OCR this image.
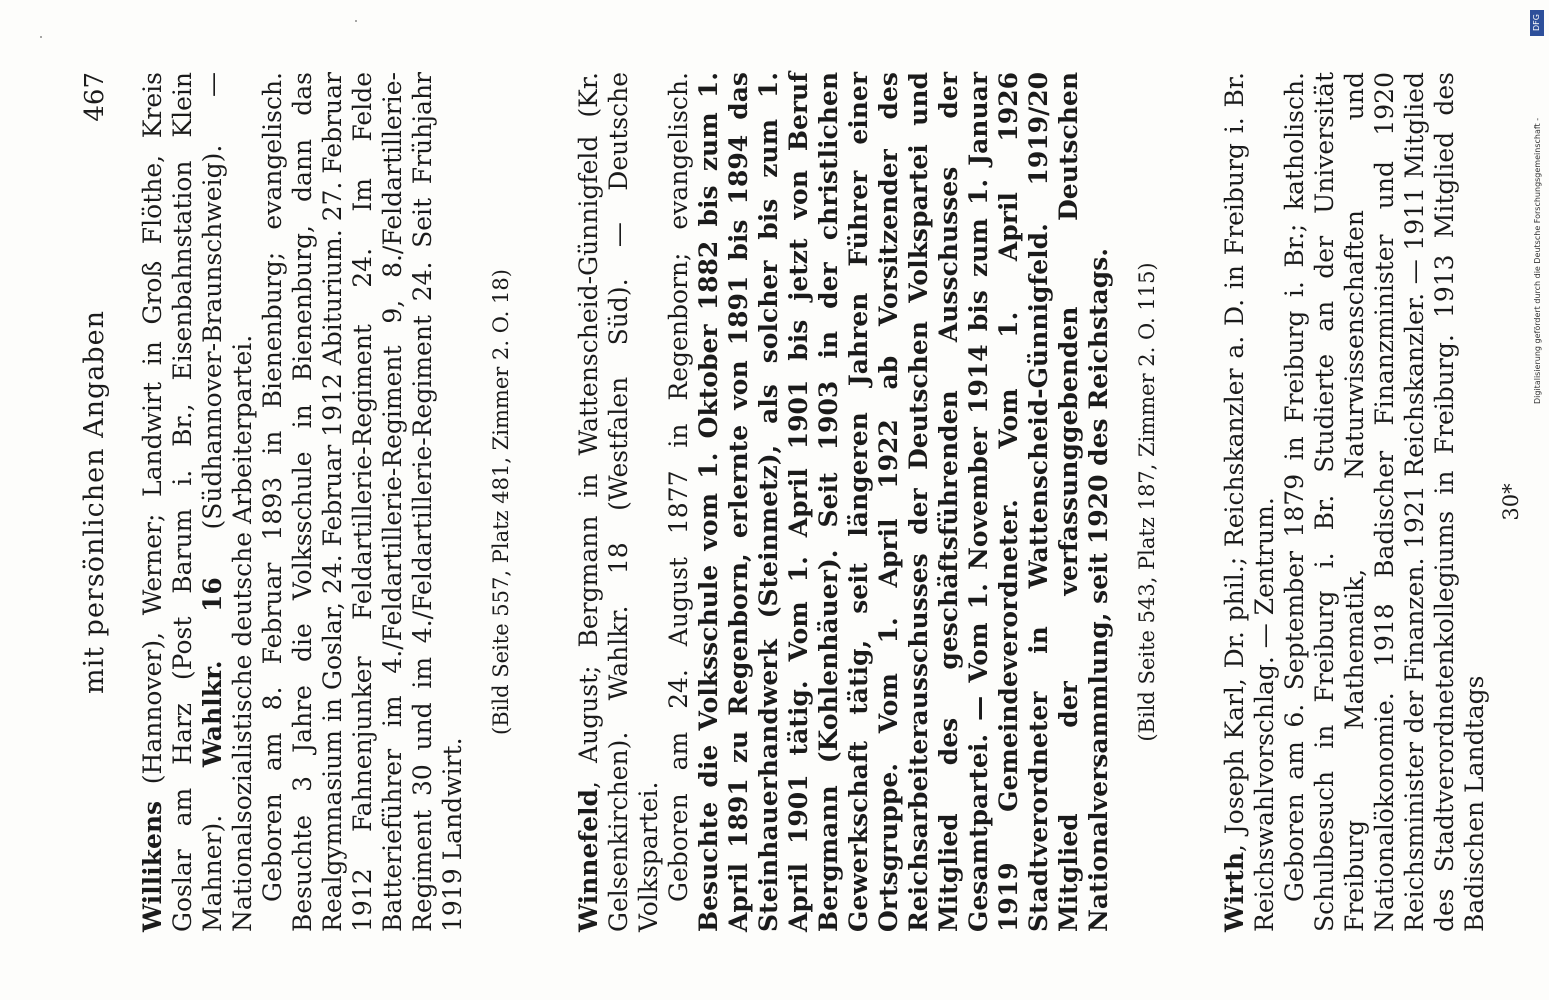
mit persönlichen Angaben
467

Willikens (Hannover), Werner; Landwirt in Groß Flöthe, Kreis Goslar am Harz (Post Barum i. Br., Eisenbahnstation Klein Mahner). Wahlkr. 16 (Südhannover-Braunschweig). — Nationalsozialistische deutsche Arbeiterpartei. Geboren am 8. Februar 1893 in Bienenburg; evangelisch. Besuchte 3 Jahre die Volksschule in Bienenburg, dann das Realgymnasium in Goslar, 24. Februar 1912 Abiturium. 27. Februar 1912 Fahnenjunker Feldartillerie-Regiment 24. Im Felde Batterieführer im 4./Feldartillerie-Regiment 9, 8./Feldartillerie-Regiment 30 und im 4./Feldartillerie-Regiment 24. Seit Frühjahr 1919 Landwirt.

(Bild Seite 557, Platz 481, Zimmer 2. O. 18)

Winnefeld, August; Bergmann in Wattenscheid-Günnigfeld (Kr. Gelsenkirchen). Wahlkr. 18 (Westfalen Süd). — Deutsche Volkspartei. Geboren am 24. August 1877 in Regenborn; evangelisch. Besuchte die Volksschule vom 1. Oktober 1882 bis zum 1. April 1891 zu Regenborn, erlernte von 1891 bis 1894 das Steinhauerhandwerk (Steinmetz), als solcher bis zum 1. April 1901 tätig. Vom 1. April 1901 bis jetzt von Beruf Bergmann (Kohlenhäuer). Seit 1903 in der christlichen Gewerkschaft tätig, seit längeren Jahren Führer einer Ortsgruppe. Vom 1. April 1922 ab Vorsitzender des Reichsarbeiterausschusses der Deutschen Volkspartei und Mitglied des geschäftsführenden Ausschusses der Gesamtpartei. — Vom 1. November 1914 bis zum 1. Januar 1919 Gemeindeverordneter. Vom 1. April 1926 Stadtverordneter in Wattenscheid-Günnigfeld. 1919/20 Mitglied der verfassunggebenden Deutschen Nationalversammlung, seit 1920 des Reichstags. (Bild Seite 543, Platz 187, Zimmer 2. O. 115)

Wirth, Joseph Karl, Dr. phil.; Reichskanzler a. D. in Freiburg i. Br. Reichswahlvorschlag. — Zentrum. Geboren am 6. September 1879 in Freiburg i. Br.; katholisch. Schulbesuch in Freiburg i. Br. Studierte an der Universität Freiburg Mathematik, Naturwissenschaften und Nationalökonomie. 1918 Badischer Finanzminister und 1920 Reichsminister der Finanzen. 1921 Reichskanzler. — 1911 Mitglied des Stadtverordnetenkollegiums in Freiburg. 1913 Mitglied des Badischen Landtags

30*
DFG
Digitalisierung gefördert durch die Deutsche Forschungsgemeinschaft -
